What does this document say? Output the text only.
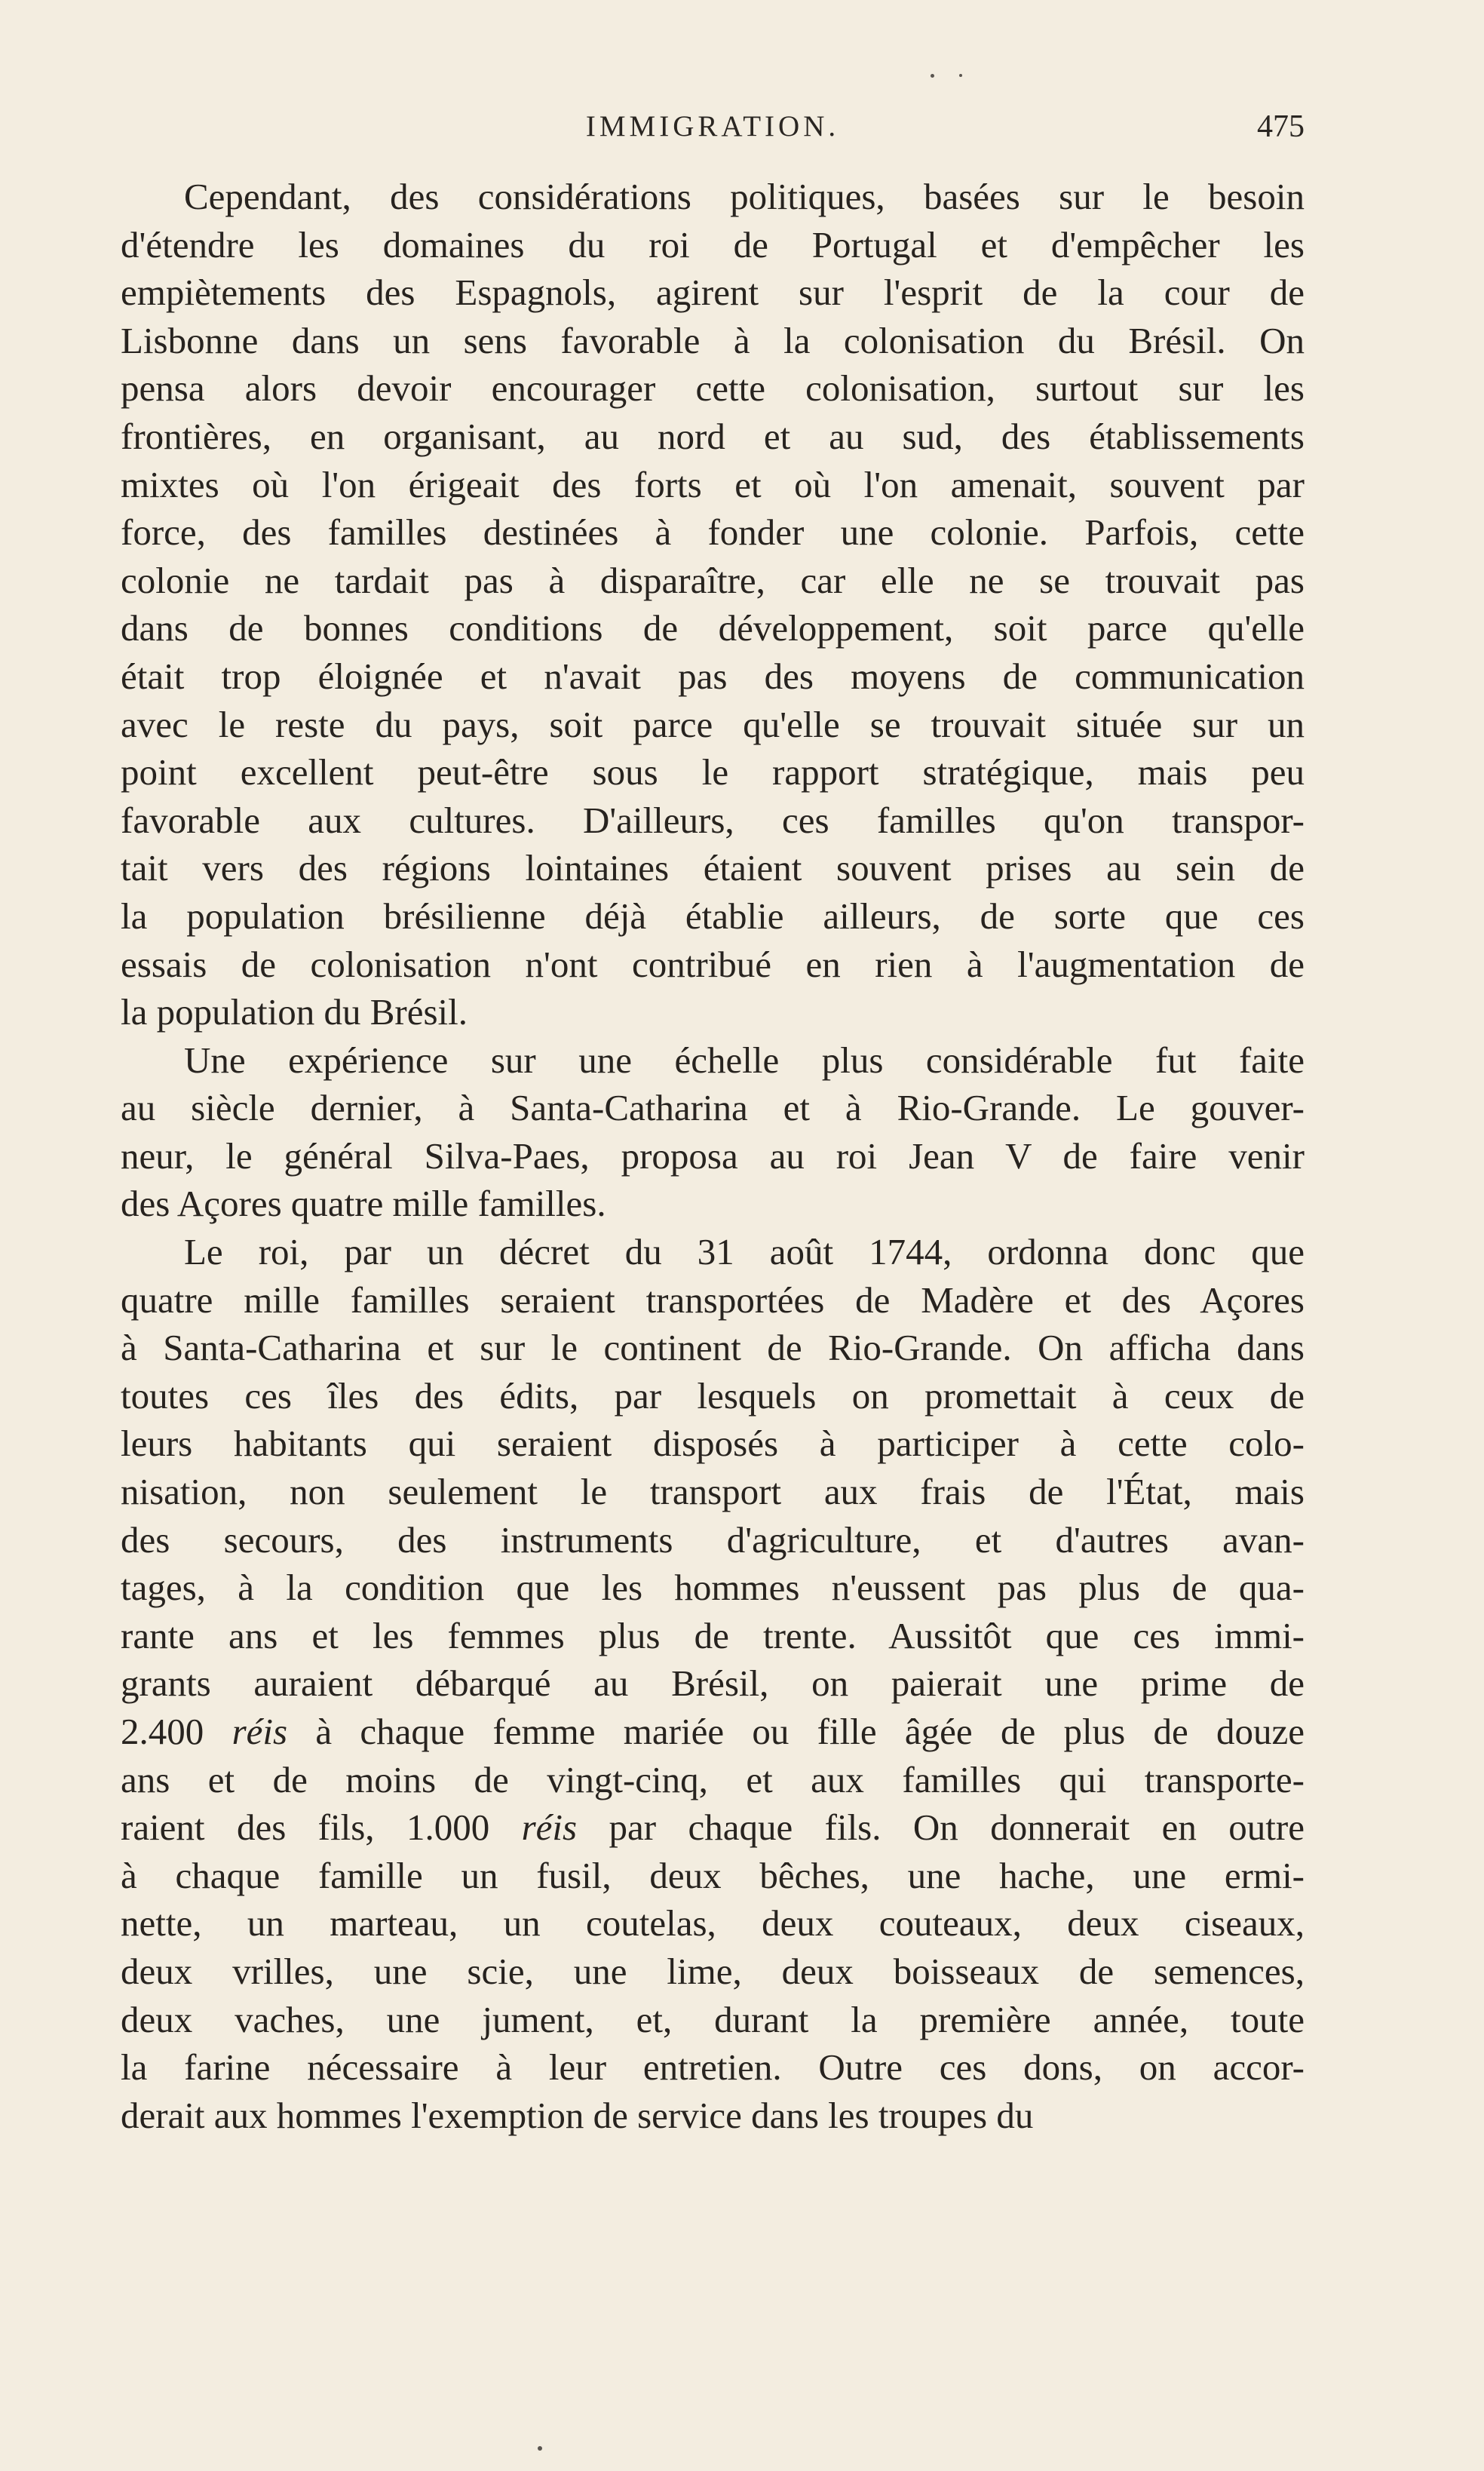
IMMIGRATION.	475

Cependant, des considérations politiques, basées sur le besoin
d'étendre les domaines du roi de Portugal et d'empêcher les
empiètements des Espagnols, agirent sur l'esprit de la cour de
Lisbonne dans un sens favorable à la colonisation du Brésil. On
pensa alors devoir encourager cette colonisation, surtout sur les
frontières, en organisant, au nord et au sud, des établissements
mixtes où l'on érigeait des forts et où l'on amenait, souvent par
force, des familles destinées à fonder une colonie. Parfois, cette
colonie ne tardait pas à disparaître, car elle ne se trouvait pas
dans de bonnes conditions de développement, soit parce qu'elle
était trop éloignée et n'avait pas des moyens de communication
avec le reste du pays, soit parce qu'elle se trouvait située sur un
point excellent peut-être sous le rapport stratégique, mais peu
favorable aux cultures. D'ailleurs, ces familles qu'on transpor-
tait vers des régions lointaines étaient souvent prises au sein de
la population brésilienne déjà établie ailleurs, de sorte que ces
essais de colonisation n'ont contribué en rien à l'augmentation de
la population du Brésil.

Une expérience sur une échelle plus considérable fut faite
au siècle dernier, à Santa-Catharina et à Rio-Grande. Le gouver-
neur, le général Silva-Paes, proposa au roi Jean V de faire venir
des Açores quatre mille familles.

Le roi, par un décret du 31 août 1744, ordonna donc que
quatre mille familles seraient transportées de Madère et des Açores
à Santa-Catharina et sur le continent de Rio-Grande. On afficha dans
toutes ces îles des édits, par lesquels on promettait à ceux de
leurs habitants qui seraient disposés à participer à cette colo-
nisation, non seulement le transport aux frais de l'État, mais
des secours, des instruments d'agriculture, et d'autres avan-
tages, à la condition que les hommes n'eussent pas plus de qua-
rante ans et les femmes plus de trente. Aussitôt que ces immi-
grants auraient débarqué au Brésil, on paierait une prime de
2.400 réis à chaque femme mariée ou fille âgée de plus de douze
ans et de moins de vingt-cinq, et aux familles qui transporte-
raient des fils, 1.000 réis par chaque fils. On donnerait en outre
à chaque famille un fusil, deux bêches, une hache, une ermi-
nette, un marteau, un coutelas, deux couteaux, deux ciseaux,
deux vrilles, une scie, une lime, deux boisseaux de semences,
deux vaches, une jument, et, durant la première année, toute
la farine nécessaire à leur entretien. Outre ces dons, on accor-
derait aux hommes l'exemption de service dans les troupes du
